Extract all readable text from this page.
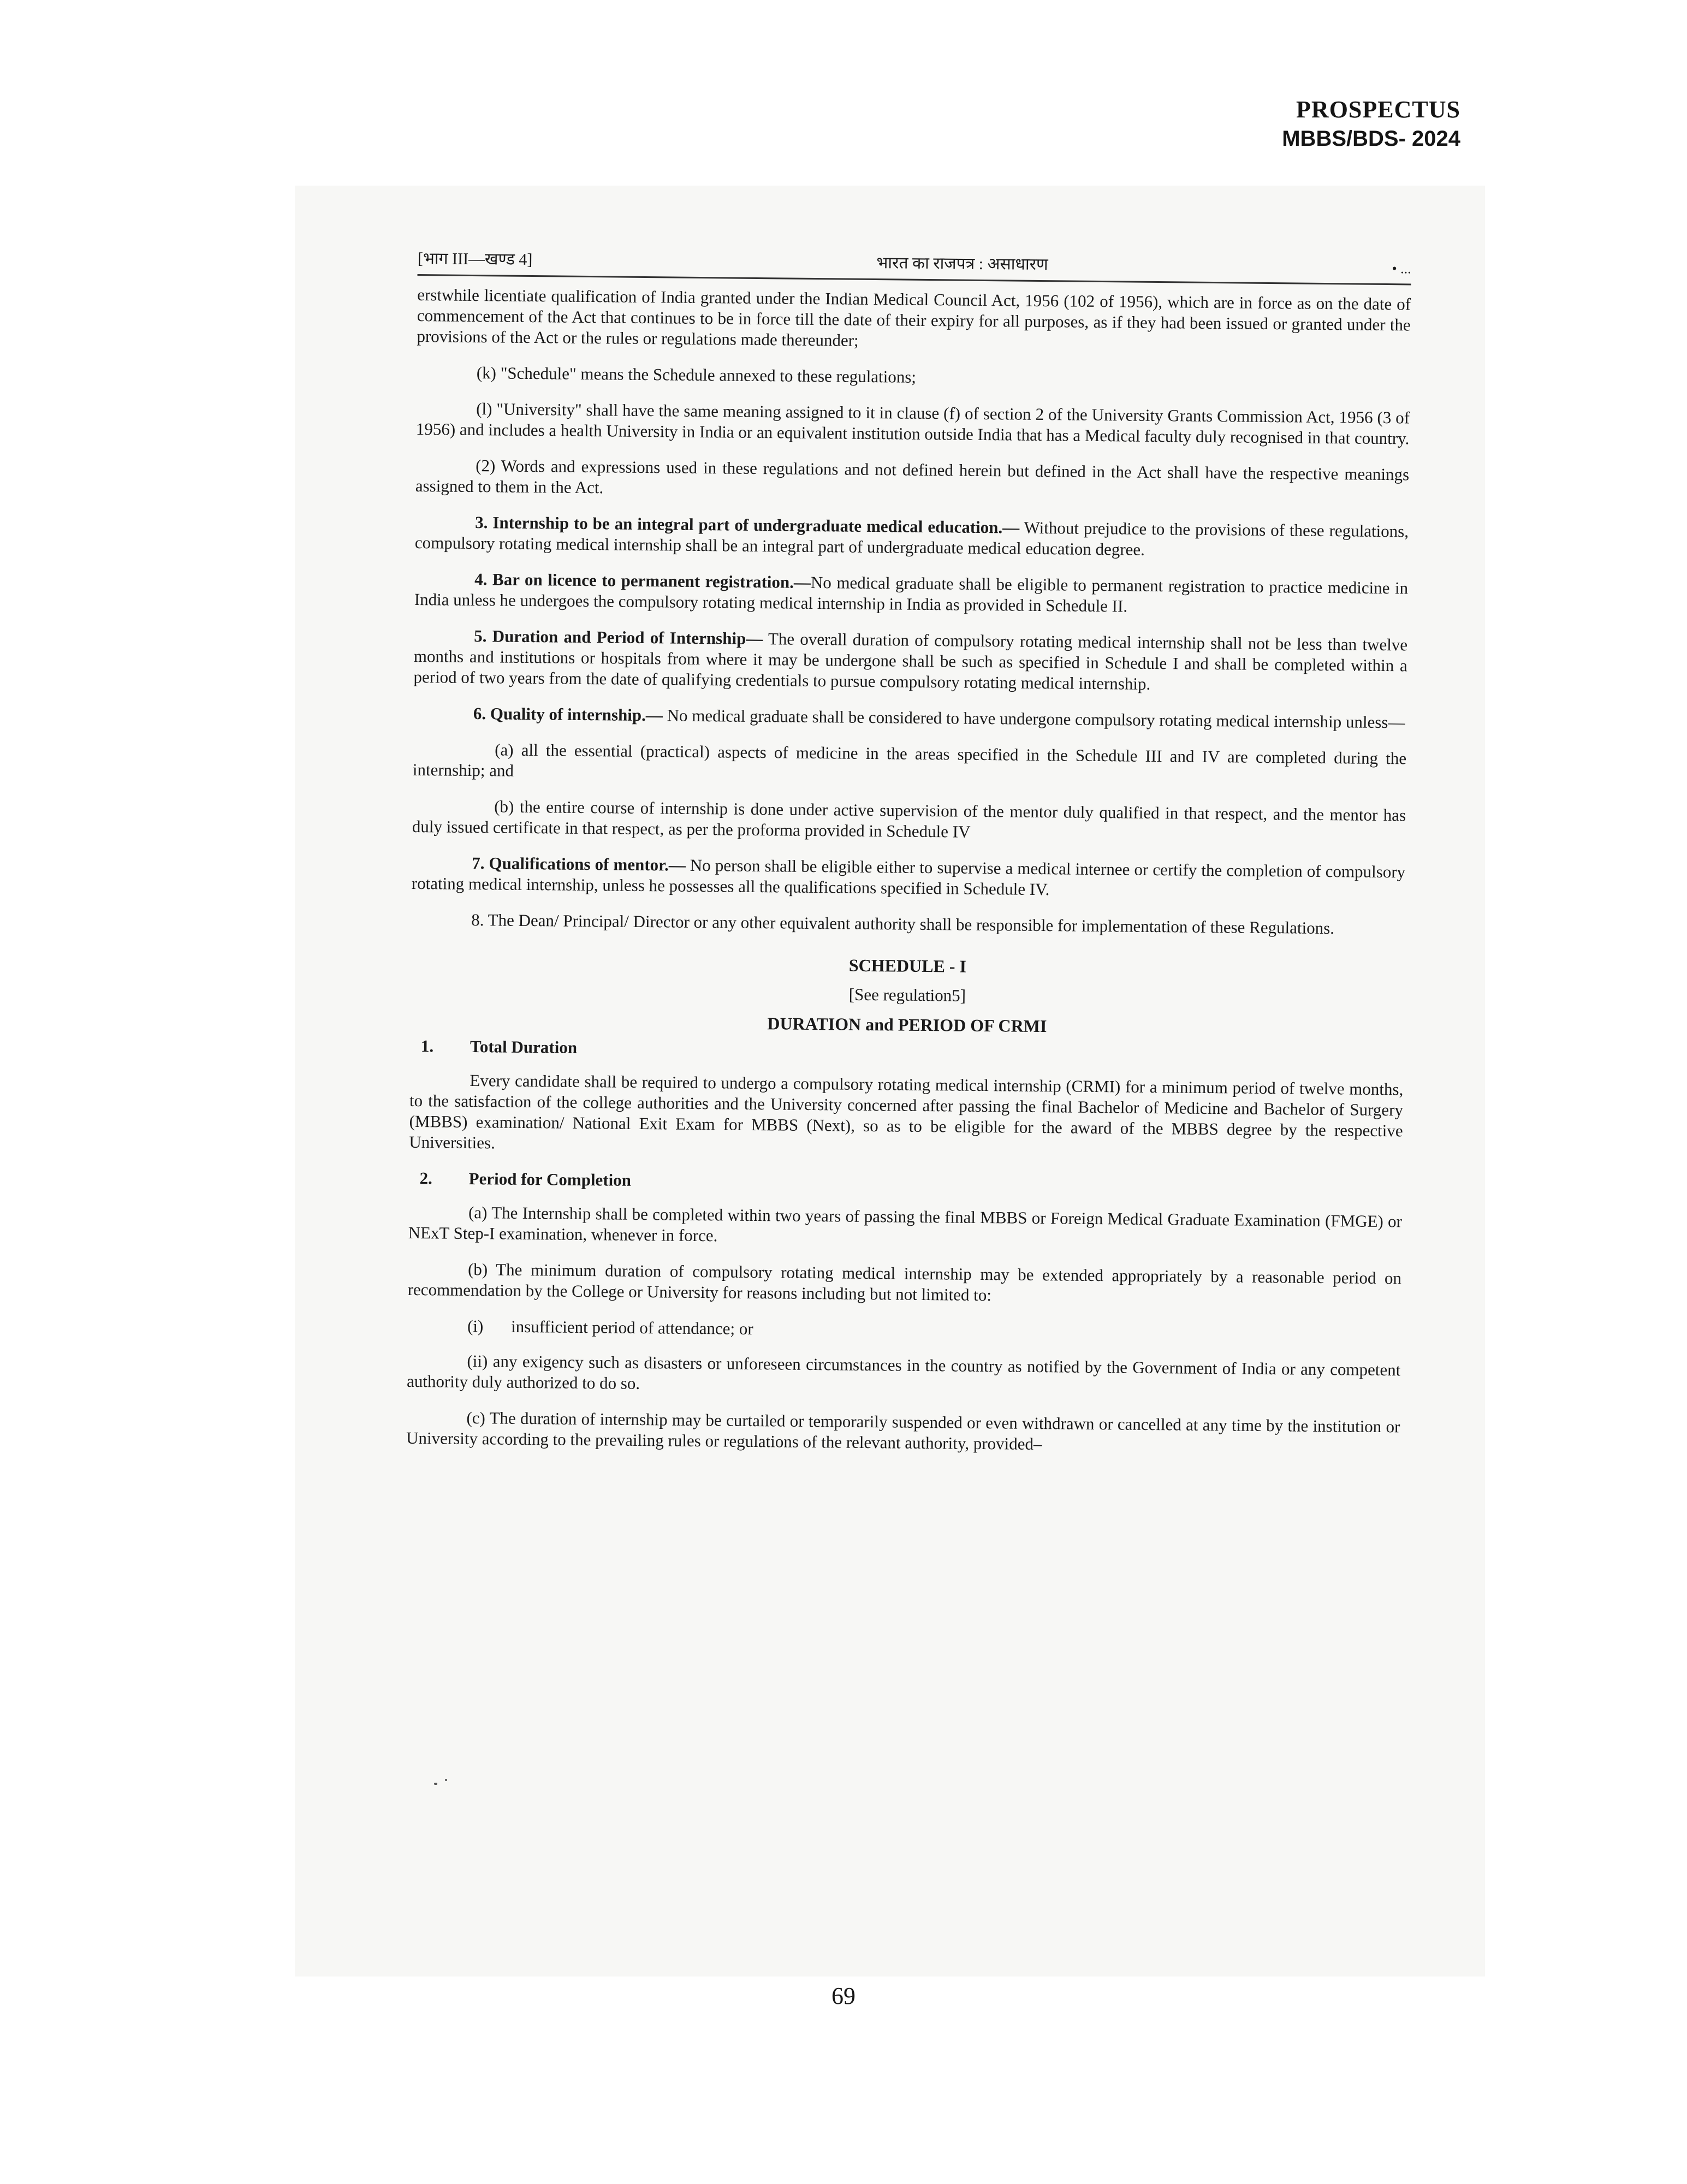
PROSPECTUS
MBBS/BDS- 2024
[भाग III—खण्ड 4]	भारत का राजपत्र : असाधारण	• ...

erstwhile licentiate qualification of India granted under the Indian Medical Council Act, 1956 (102 of 1956), which are in force as on the date of commencement of the Act that continues to be in force till the date of their expiry for all purposes, as if they had been issued or granted under the provisions of the Act or the rules or regulations made thereunder;

(k) "Schedule" means the Schedule annexed to these regulations;

(l) "University" shall have the same meaning assigned to it in clause (f) of section 2 of the University Grants Commission Act, 1956 (3 of 1956) and includes a health University in India or an equivalent institution outside India that has a Medical faculty duly recognised in that country.

(2) Words and expressions used in these regulations and not defined herein but defined in the Act shall have the respective meanings assigned to them in the Act.

3. Internship to be an integral part of undergraduate medical education.— Without prejudice to the provisions of these regulations, compulsory rotating medical internship shall be an integral part of undergraduate medical education degree.

4. Bar on licence to permanent registration.—No medical graduate shall be eligible to permanent registration to practice medicine in India unless he undergoes the compulsory rotating medical internship in India as provided in Schedule II.

5. Duration and Period of Internship— The overall duration of compulsory rotating medical internship shall not be less than twelve months and institutions or hospitals from where it may be undergone shall be such as specified in Schedule I and shall be completed within a period of two years from the date of qualifying credentials to pursue compulsory rotating medical internship.

6. Quality of internship.— No medical graduate shall be considered to have undergone compulsory rotating medical internship unless—

(a) all the essential (practical) aspects of medicine in the areas specified in the Schedule III and IV are completed during the internship; and

(b) the entire course of internship is done under active supervision of the mentor duly qualified in that respect, and the mentor has duly issued certificate in that respect, as per the proforma provided in Schedule IV

7. Qualifications of mentor.— No person shall be eligible either to supervise a medical internee or certify the completion of compulsory rotating medical internship, unless he possesses all the qualifications specified in Schedule IV.

8. The Dean/ Principal/ Director or any other equivalent authority shall be responsible for implementation of these Regulations.

SCHEDULE - I
[See regulation5]
DURATION and PERIOD OF CRMI
1. Total Duration

Every candidate shall be required to undergo a compulsory rotating medical internship (CRMI) for a minimum period of twelve months, to the satisfaction of the college authorities and the University concerned after passing the final Bachelor of Medicine and Bachelor of Surgery (MBBS) examination/ National Exit Exam for MBBS (Next), so as to be eligible for the award of the MBBS degree by the respective Universities.

2. Period for Completion

(a) The Internship shall be completed within two years of passing the final MBBS or Foreign Medical Graduate Examination (FMGE) or NExT Step-I examination, whenever in force.

(b) The minimum duration of compulsory rotating medical internship may be extended appropriately by a reasonable period on recommendation by the College or University for reasons including but not limited to:

(i) insufficient period of attendance; or

(ii) any exigency such as disasters or unforeseen circumstances in the country as notified by the Government of India or any competent authority duly authorized to do so.

(c) The duration of internship may be curtailed or temporarily suspended or even withdrawn or cancelled at any time by the institution or University according to the prevailing rules or regulations of the relevant authority, provided–

69
